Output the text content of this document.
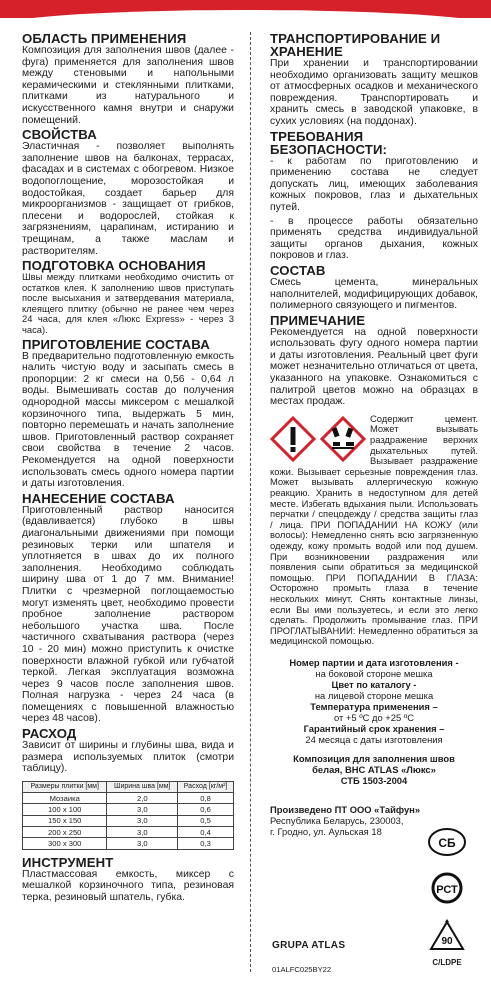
ОБЛАСТЬ ПРИМЕНЕНИЯ

Композиция для заполнения швов (далее - фуга) применяется для заполнения швов между стеновыми и напольными керамическими и стеклянными плитками, плитками из натурального и искусственного камня внутри и снаружи помещений.

СВОЙСТВА

Эластичная - позволяет выполнять заполнение швов на балконах, террасах, фасадах и в системах с обогревом. Низкое водопоглощение, морозостойкая и водостойкая, создает барьер для микроорганизмов - защищает от грибков, плесени и водорослей, стойкая к загрязнениям, царапинам, истиранию и трещинам, а также маслам и растворителям.

ПОДГОТОВКА ОСНОВАНИЯ

Швы между плитками необходимо очистить от остатков клея. К заполнению швов приступать после высыхания и затвердевания материала, клеящего плитку (обычно не ранее чем через 24 часа, для клея «Люкс Express» - через 3 часа).

ПРИГОТОВЛЕНИЕ СОСТАВА

В предварительно подготовленную емкость налить чистую воду и засыпать смесь в пропорции: 2 кг смеси на 0,56 - 0,64 л воды. Вымешивать состав до получения однородной массы миксером с мешалкой корзиночного типа, выдержать 5 мин, повторно перемешать и начать заполнение швов. Приготовленный раствор сохраняет свои свойства в течение 2 часов. Рекомендуется на одной поверхности использовать смесь одного номера партии и даты изготовления.

НАНЕСЕНИЕ СОСТАВА

Приготовленный раствор наносится (вдавливается) глубоко в швы диагональными движениями при помощи резиновых терки или шпателя и уплотняется в швах до их полного заполнения. Необходимо соблюдать ширину шва от 1 до 7 мм. Внимание! Плитки с чрезмерной поглощаемостью могут изменять цвет, необходимо провести пробное заполнение раствором небольшого участка шва. После частичного схватывания раствора (через 10 - 20 мин) можно приступить к очистке поверхности влажной губкой или губчатой теркой. Легкая эксплуатация возможна через 9 часов после заполнения швов. Полная нагрузка - через 24 часа (в помещениях с повышенной влажностью через 48 часов).

РАСХОД

Зависит от ширины и глубины шва, вида и размера используемых плиток (смотри таблицу).

Размеры плитки [мм]	Ширина шва [мм]	Расход [кг/м²]
Мозаика	2,0	0,8
100 x 100	3,0	0,6
150 x 150	3,0	0,5
200 x 250	3,0	0,4
300 x 300	3,0	0,3
ИНСТРУМЕНТ

Пластмассовая емкость, миксер с мешалкой корзиночного типа, резиновая терка, резиновый шпатель, губка.

ТРАНСПОРТИРОВАНИЕ И ХРАНЕНИЕ

При хранении и транспортировании необходимо организовать защиту мешков от атмосферных осадков и механического повреждения. Транспортировать и хранить смесь в заводской упаковке, в сухих условиях (на поддонах).

ТРЕБОВАНИЯ БЕЗОПАСНОСТИ:

- к работам по приготовлению и применению состава не следует допускать лиц, имеющих заболевания кожных покровов, глаз и дыхательных путей.

- в процессе работы обязательно применять средства индивидуальной защиты органов дыхания, кожных покровов и глаз.

СОСТАВ

Смесь цемента, минеральных наполнителей, модифицирующих добавок, полимерного связующего и пигментов.

ПРИМЕЧАНИЕ

Рекомендуется на одной поверхности использовать фугу одного номера партии и даты изготовления. Реальный цвет фуги может незначительно отличаться от цвета, указанного на упаковке. Ознакомиться с палитрой цветов можно на образцах в местах продаж.

Содержит цемент. Может вызывать раздражение верхних дыхательных путей. Вызывает раздражение кожи. Вызывает серьезные повреждения глаз. Может вызывать аллергическую кожную реакцию. Хранить в недоступном для детей месте. Избегать вдыхания пыли. Использовать перчатки / спецодежду / средства защиты глаз / лица. ПРИ ПОПАДАНИИ НА КОЖУ (или волосы): Немедленно снять всю загрязненную одежду, кожу промыть водой или под душем. При возникновении раздражения или появления сыпи обратиться за медицинской помощью. ПРИ ПОПАДАНИИ В ГЛАЗА: Осторожно промыть глаза в течение нескольких минут. Снять контактные линзы, если Вы ими пользуетесь, и если это легко сделать. Продолжить промывание глаз. ПРИ ПРОГЛАТЫВАНИИ: Немедленно обратиться за медицинской помощью.

Номер партии и дата изготовления -
на боковой стороне мешка
Цвет по каталогу -
на лицевой стороне мешка
Температура применения –
от +5 ºС до +25 ºС
Гарантийный срок хранения –
24 месяца с даты изготовления
Композиция для заполнения швов
белая, ВНС ATLAS «Люкс»
СТБ 1503-2004
Произведено ПТ ООО «Тайфун»
Республика Беларусь, 230003,
г. Гродно, ул. Аульская 18
СБ
РСТ
90
C/LDPE
GRUPA ATLAS
01ALFC025BY22
